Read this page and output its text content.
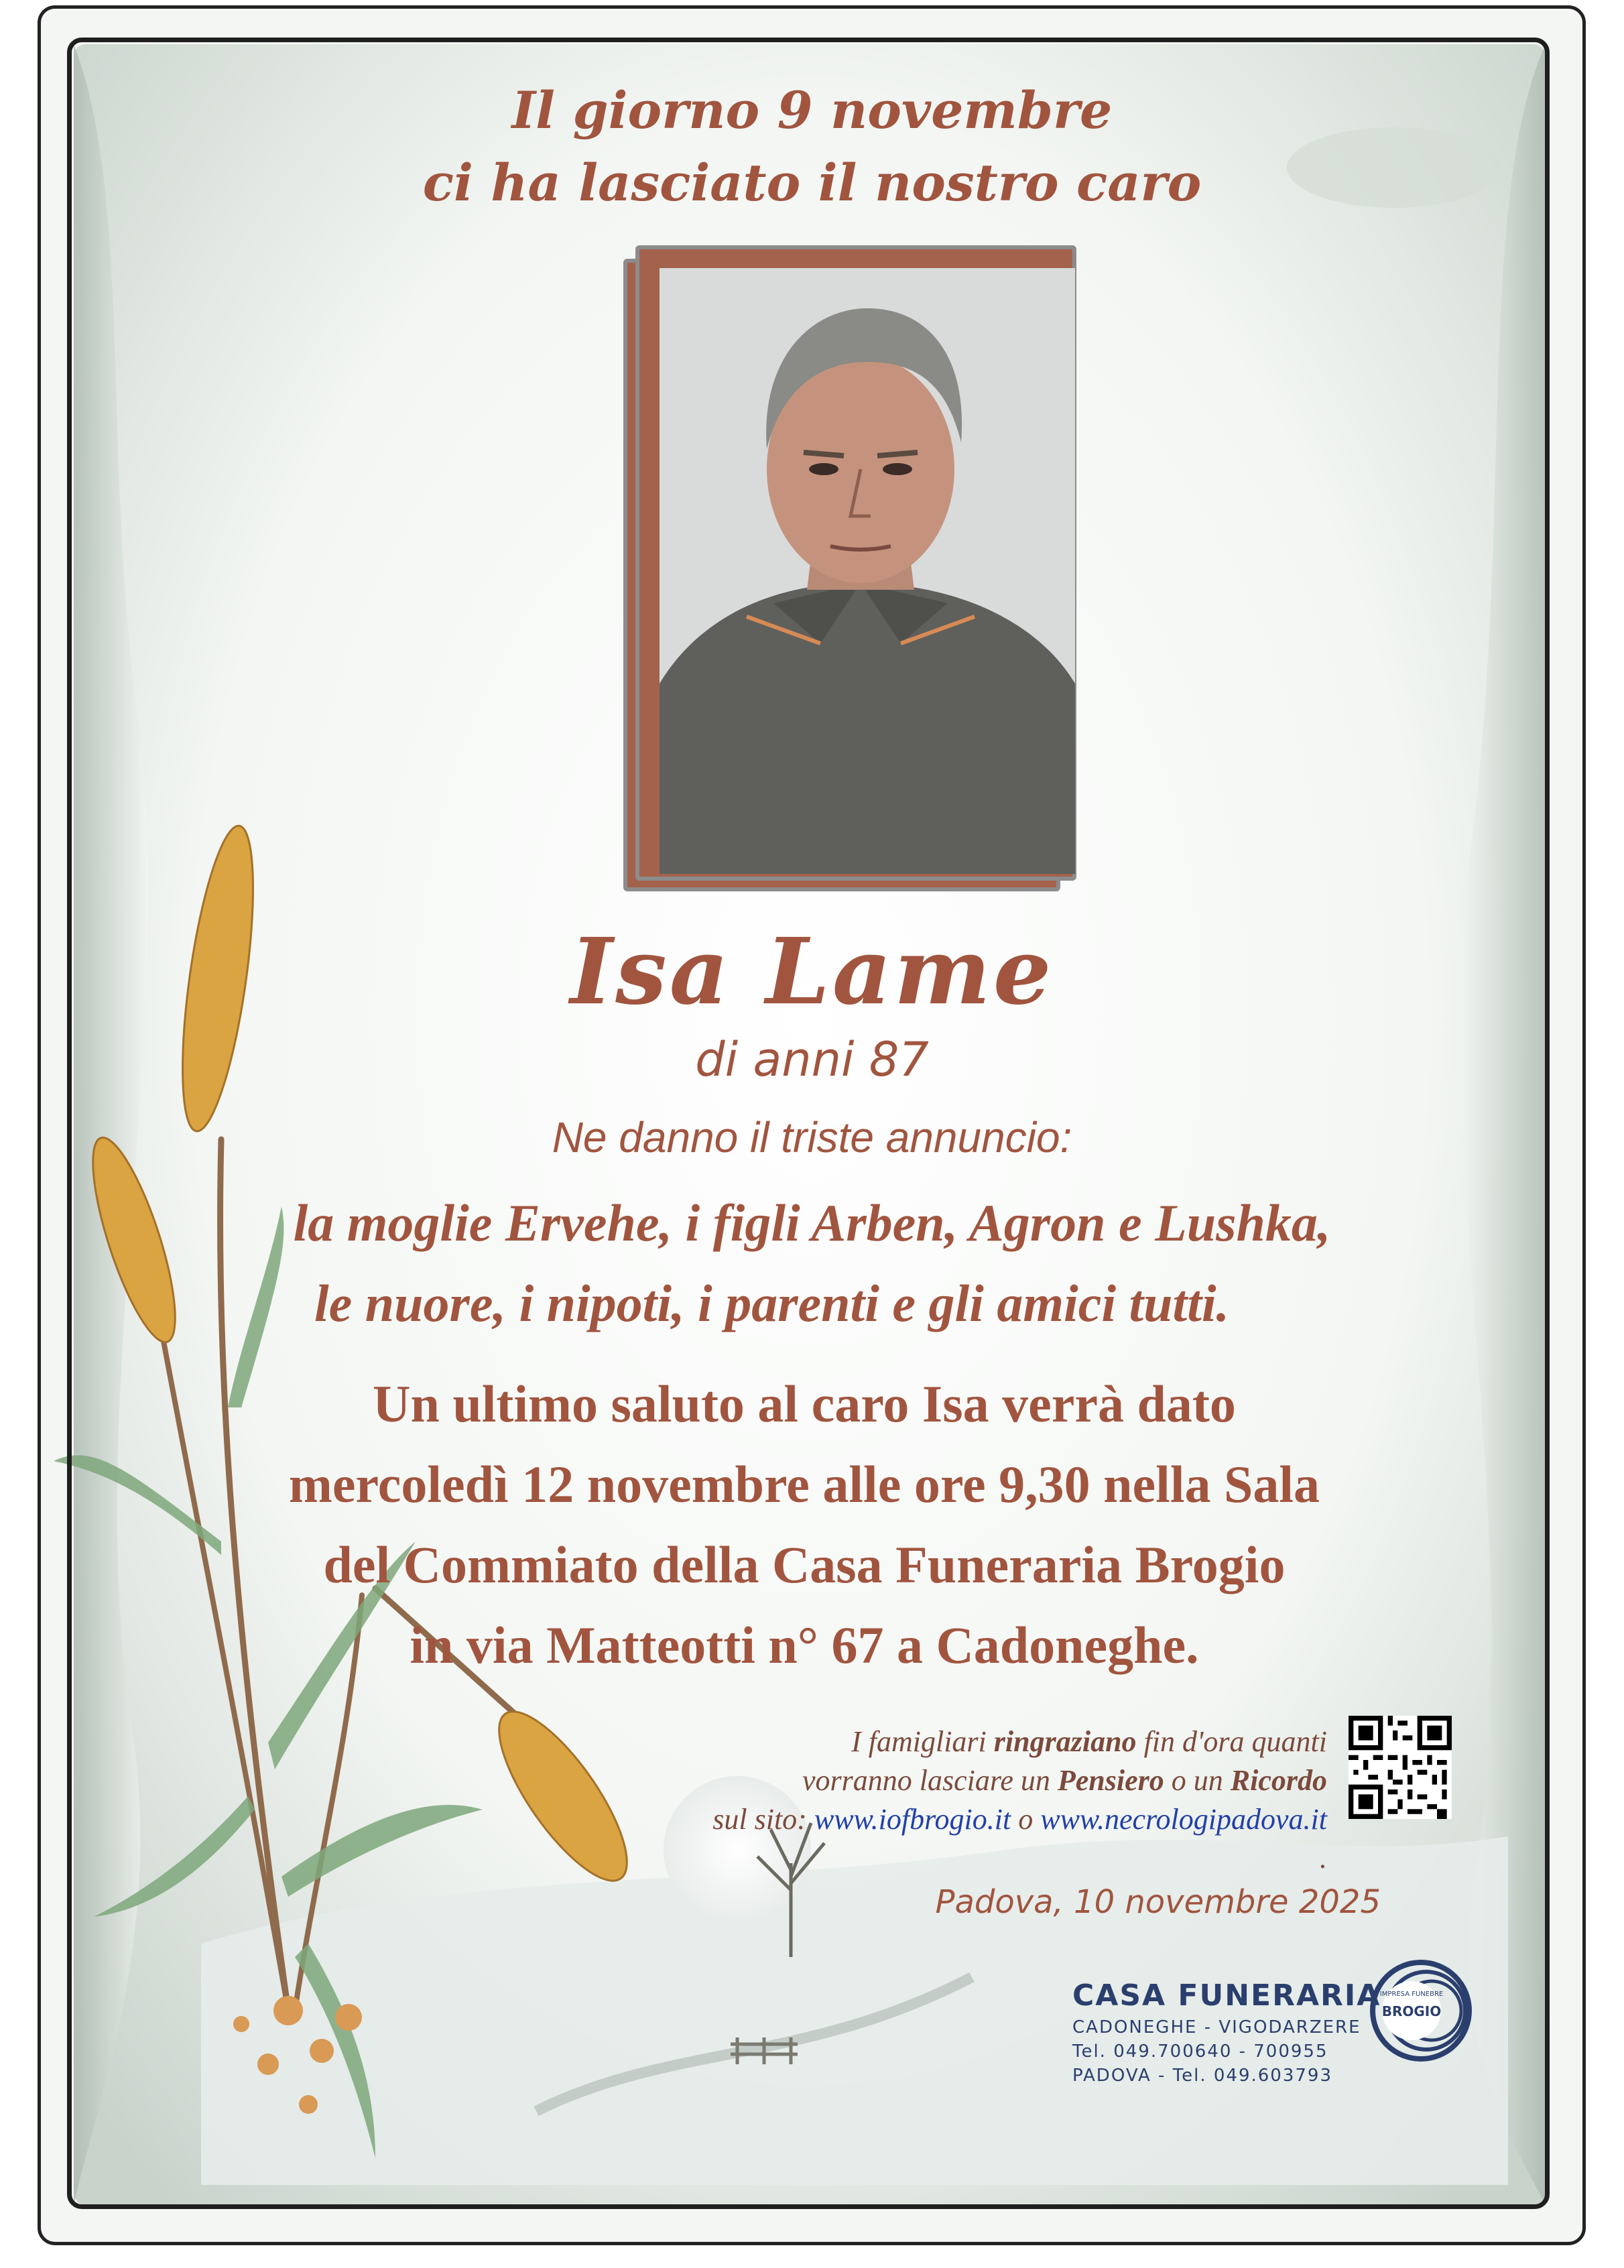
Il giorno 9 novembre
ci ha lasciato il nostro caro
Isa Lame
di anni 87
Ne danno il triste annuncio:
la moglie Ervehe, i figli Arben, Agron e Lushka,
le nuore, i nipoti, i parenti e gli amici tutti.
Un ultimo saluto al caro Isa verrà dato
mercoledì 12 novembre alle ore 9,30 nella Sala
del Commiato della Casa Funeraria Brogio
in via Matteotti n° 67 a Cadoneghe.
I famigliari ringraziano fin d'ora quanti
vorranno lasciare un Pensiero o un Ricordo
sul sito: www.iofbrogio.it o www.necrologipadova.it .
Padova, 10 novembre 2025
CASA FUNERARIA
CADONEGHE - VIGODARZERE
Tel. 049.700640 - 700955
PADOVA - Tel. 049.603793
IMPRESA FUNEBRE
BROGIO
